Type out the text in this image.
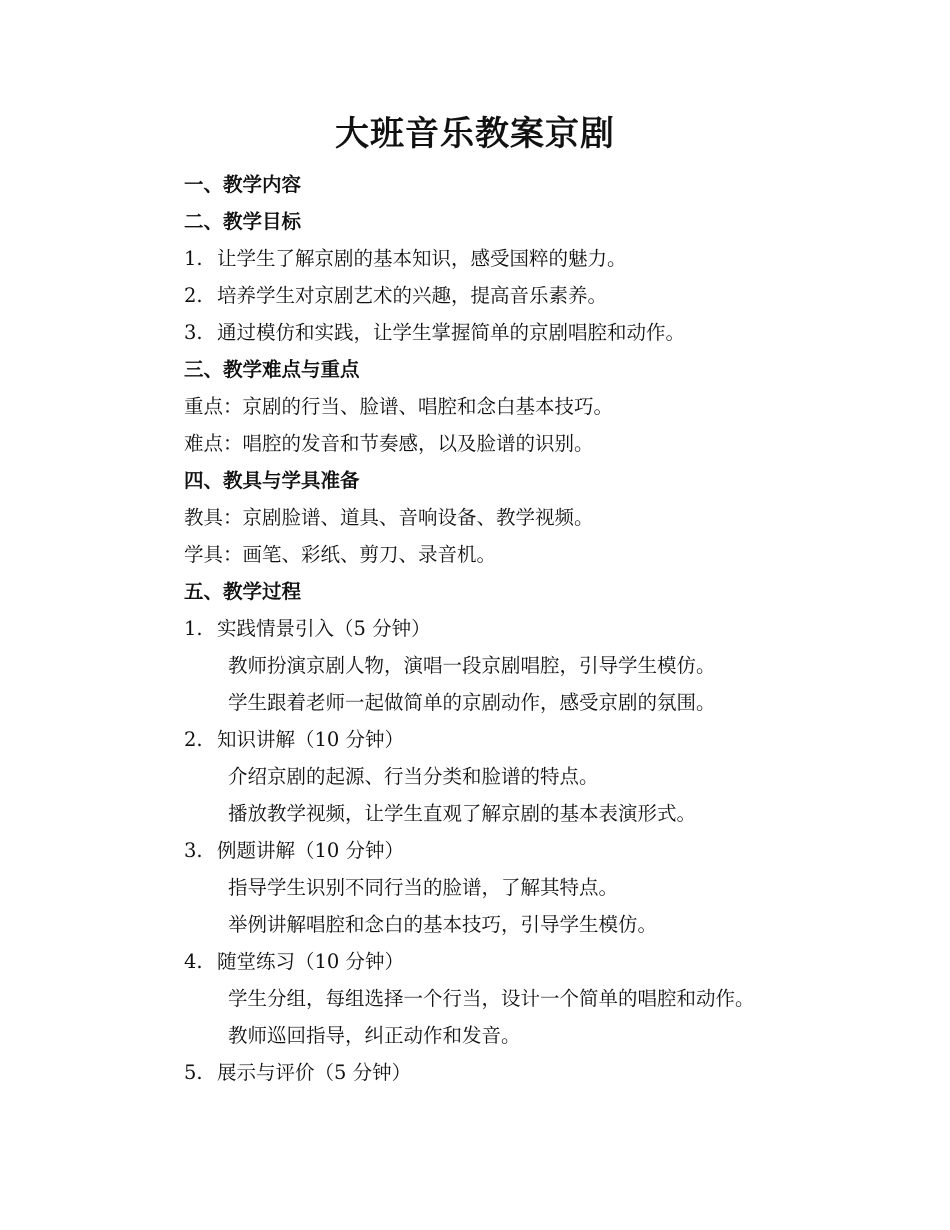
大班音乐教案京剧
一、教学内容
二、教学目标
1. 让学生了解京剧的基本知识，感受国粹的魅力。
2. 培养学生对京剧艺术的兴趣，提高音乐素养。
3. 通过模仿和实践，让学生掌握简单的京剧唱腔和动作。
三、教学难点与重点
重点：京剧的行当、脸谱、唱腔和念白基本技巧。
难点：唱腔的发音和节奏感，以及脸谱的识别。
四、教具与学具准备
教具：京剧脸谱、道具、音响设备、教学视频。
学具：画笔、彩纸、剪刀、录音机。
五、教学过程
1. 实践情景引入（5 分钟）
教师扮演京剧人物，演唱一段京剧唱腔，引导学生模仿。
学生跟着老师一起做简单的京剧动作，感受京剧的氛围。
2. 知识讲解（10 分钟）
介绍京剧的起源、行当分类和脸谱的特点。
播放教学视频，让学生直观了解京剧的基本表演形式。
3. 例题讲解（10 分钟）
指导学生识别不同行当的脸谱，了解其特点。
举例讲解唱腔和念白的基本技巧，引导学生模仿。
4. 随堂练习（10 分钟）
学生分组，每组选择一个行当，设计一个简单的唱腔和动作。
教师巡回指导，纠正动作和发音。
5. 展示与评价（5 分钟）
